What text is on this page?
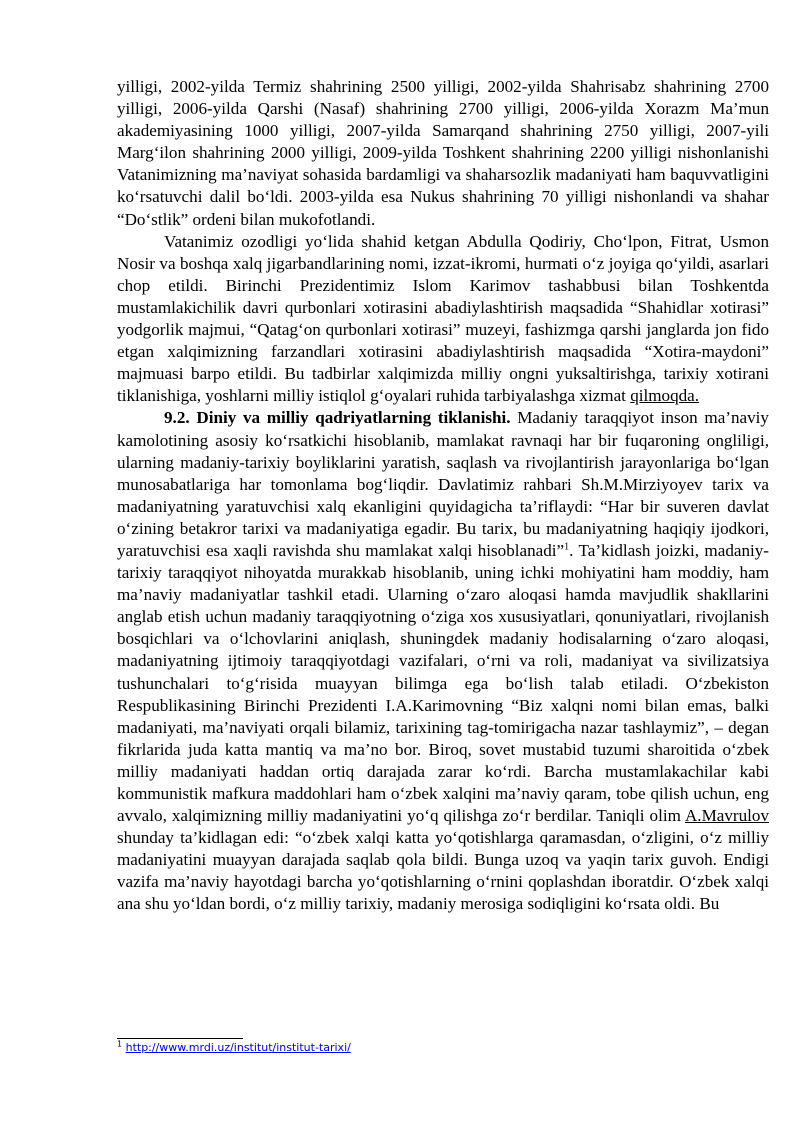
yilligi, 2002-yilda Termiz shahrining 2500 yilligi, 2002-yilda Shahrisabz shahrining 2700 yilligi, 2006-yilda Qarshi (Nasaf) shahrining 2700 yilligi, 2006-yilda Xorazm Ma’mun akademiyasining 1000 yilligi, 2007-yilda Samarqand shahrining 2750 yilligi, 2007-yili Marg‘ilon shahrining 2000 yilligi, 2009-yilda Toshkent shahrining 2200 yilligi nishonlanishi Vatanimizning ma’naviyat sohasida bardamligi va shaharsozlik madaniyati ham baquvvatligini ko‘rsatuvchi dalil bo‘ldi. 2003-yilda esa Nukus shahrining 70 yilligi nishonlandi va shahar “Do‘stlik” ordeni bilan mukofotlandi.

Vatanimiz ozodligi yo‘lida shahid ketgan Abdulla Qodiriy, Cho‘lpon, Fitrat, Usmon Nosir va boshqa xalq jigarbandlarining nomi, izzat-ikromi, hurmati o‘z joyiga qo‘yildi, asarlari chop etildi. Birinchi Prezidentimiz Islom Karimov tashabbusi bilan Toshkentda mustamlakichilik davri qurbonlari xotirasini abadiylashtirish maqsadida “Shahidlar xotirasi” yodgorlik majmui, “Qatag‘on qurbonlari xotirasi” muzeyi, fashizmga qarshi janglarda jon fido etgan xalqimizning farzandlari xotirasini abadiylashtirish maqsadida “Xotira-maydoni” majmuasi barpo etildi. Bu tadbirlar xalqimizda milliy ongni yuksaltirishga, tarixiy xotirani tiklanishiga, yoshlarni milliy istiqlol g‘oyalari ruhida tarbiyalashga xizmat qilmoqda.

9.2. Diniy va milliy qadriyatlarning tiklanishi. Madaniy taraqqiyot inson ma’naviy kamolotining asosiy ko‘rsatkichi hisoblanib, mamlakat ravnaqi har bir fuqaroning ongliligi, ularning madaniy-tarixiy boyliklarini yaratish, saqlash va rivojlantirish jarayonlariga bo‘lgan munosabatlariga har tomonlama bog‘liqdir. Davlatimiz rahbari Sh.M.Mirziyoyev tarix va madaniyatning yaratuvchisi xalq ekanligini quyidagicha ta’riflaydi: “Har bir suveren davlat o‘zining betakror tarixi va madaniyatiga egadir. Bu tarix, bu madaniyatning haqiqiy ijodkori, yaratuvchisi esa xaqli ravishda shu mamlakat xalqi hisoblanadi”$^1$. Ta’kidlash joizki, madaniy-tarixiy taraqqiyot nihoyatda murakkab hisoblanib, uning ichki mohiyatini ham moddiy, ham ma’naviy madaniyatlar tashkil etadi. Ularning o‘zaro aloqasi hamda mavjudlik shakllarini anglab etish uchun madaniy taraqqiyotning o‘ziga xos xususiyatlari, qonuniyatlari, rivojlanish bosqichlari va o‘lchovlarini aniqlash, shuningdek madaniy hodisalarning o‘zaro aloqasi, madaniyatning ijtimoiy taraqqiyotdagi vazifalari, o‘rni va roli, madaniyat va sivilizatsiya tushunchalari to‘g‘risida muayyan bilimga ega bo‘lish talab etiladi. O‘zbekiston Respublikasining Birinchi Prezidenti I.A.Karimovning “Biz xalqni nomi bilan emas, balki madaniyati, ma’naviyati orqali bilamiz, tarixining tag-tomirigacha nazar tashlaymiz”, – degan fikrlarida juda katta mantiq va ma’no bor. Biroq, sovet mustabid tuzumi sharoitida o‘zbek milliy madaniyati haddan ortiq darajada zarar ko‘rdi. Barcha mustamlakachilar kabi kommunistik mafkura maddohlari ham o‘zbek xalqini ma’naviy qaram, tobe qilish uchun, eng avvalo, xalqimizning milliy madaniyatini yo‘q qilishga zo‘r berdilar. Taniqli olim A.Mavrulov shunday ta’kidlagan edi: “o‘zbek xalqi katta yo‘qotishlarga qaramasdan, o‘zligini, o‘z milliy madaniyatini muayyan darajada saqlab qola bildi. Bunga uzoq va yaqin tarix guvoh. Endigi vazifa ma’naviy hayotdagi barcha yo‘qotishlarning o‘rnini qoplashdan iboratdir. O‘zbek xalqi ana shu yo‘ldan bordi, o‘z milliy tarixiy, madaniy merosiga sodiqligini ko‘rsata oldi. Bu

$^1$ http://www.mrdi.uz/institut/institut-tarixi/
